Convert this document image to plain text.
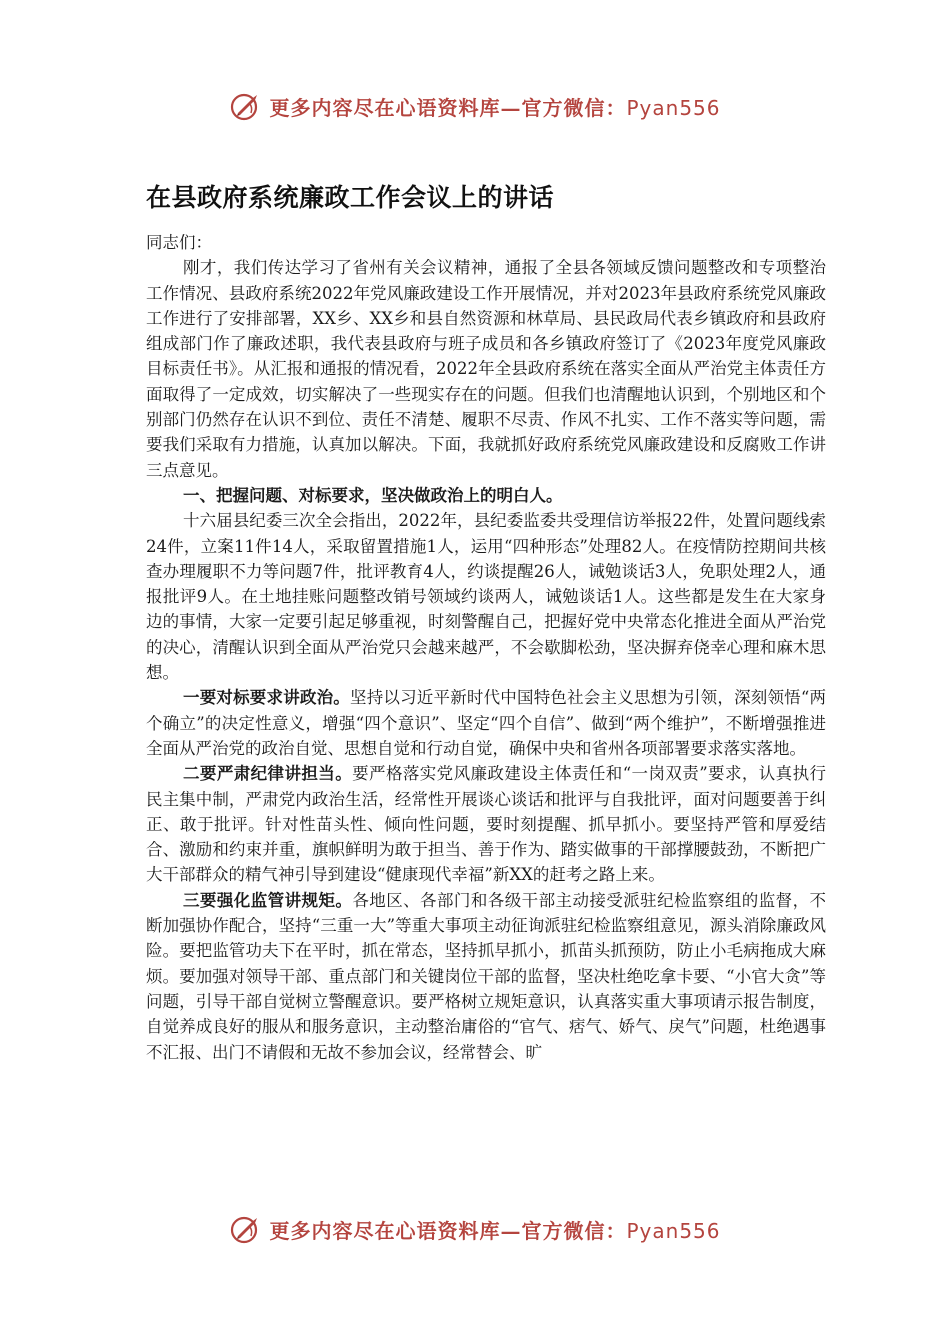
更多内容尽在心语资料库—官方微信：Pyan556
在县政府系统廉政工作会议上的讲话

同志们：

刚才，我们传达学习了省州有关会议精神，通报了全县各领域反馈问题整改和专项整治工作情况、县政府系统2022年党风廉政建设工作开展情况，并对2023年县政府系统党风廉政工作进行了安排部署，XX乡、XX乡和县自然资源和林草局、县民政局代表乡镇政府和县政府组成部门作了廉政述职，我代表县政府与班子成员和各乡镇政府签订了《2023年度党风廉政目标责任书》。从汇报和通报的情况看，2022年全县政府系统在落实全面从严治党主体责任方面取得了一定成效，切实解决了一些现实存在的问题。但我们也清醒地认识到，个别地区和个别部门仍然存在认识不到位、责任不清楚、履职不尽责、作风不扎实、工作不落实等问题，需要我们采取有力措施，认真加以解决。下面，我就抓好政府系统党风廉政建设和反腐败工作讲三点意见。

一、把握问题、对标要求，坚决做政治上的明白人。

十六届县纪委三次全会指出，2022年，县纪委监委共受理信访举报22件，处置问题线索24件，立案11件14人，采取留置措施1人，运用“四种形态”处理82人。在疫情防控期间共核查办理履职不力等问题7件，批评教育4人，约谈提醒26人，诫勉谈话3人，免职处理2人，通报批评9人。在土地挂账问题整改销号领域约谈两人，诫勉谈话1人。这些都是发生在大家身边的事情，大家一定要引起足够重视，时刻警醒自己，把握好党中央常态化推进全面从严治党的决心，清醒认识到全面从严治党只会越来越严，不会歇脚松劲，坚决摒弃侥幸心理和麻木思想。

一要对标要求讲政治。坚持以习近平新时代中国特色社会主义思想为引领，深刻领悟“两个确立”的决定性意义，增强“四个意识”、坚定“四个自信”、做到“两个维护”，不断增强推进全面从严治党的政治自觉、思想自觉和行动自觉，确保中央和省州各项部署要求落实落地。

二要严肃纪律讲担当。要严格落实党风廉政建设主体责任和“一岗双责”要求，认真执行民主集中制，严肃党内政治生活，经常性开展谈心谈话和批评与自我批评，面对问题要善于纠正、敢于批评。针对性苗头性、倾向性问题，要时刻提醒、抓早抓小。要坚持严管和厚爱结合、激励和约束并重，旗帜鲜明为敢于担当、善于作为、踏实做事的干部撑腰鼓劲，不断把广大干部群众的精气神引导到建设“健康现代幸福”新XX的赶考之路上来。

三要强化监管讲规矩。各地区、各部门和各级干部主动接受派驻纪检监察组的监督，不断加强协作配合，坚持“三重一大”等重大事项主动征询派驻纪检监察组意见，源头消除廉政风险。要把监管功夫下在平时，抓在常态，坚持抓早抓小，抓苗头抓预防，防止小毛病拖成大麻烦。要加强对领导干部、重点部门和关键岗位干部的监督，坚决杜绝吃拿卡要、“小官大贪”等问题，引导干部自觉树立警醒意识。要严格树立规矩意识，认真落实重大事项请示报告制度，自觉养成良好的服从和服务意识，主动整治庸俗的“官气、痞气、娇气、戾气”问题，杜绝遇事不汇报、出门不请假和无故不参加会议，经常替会、旷

更多内容尽在心语资料库—官方微信：Pyan556
